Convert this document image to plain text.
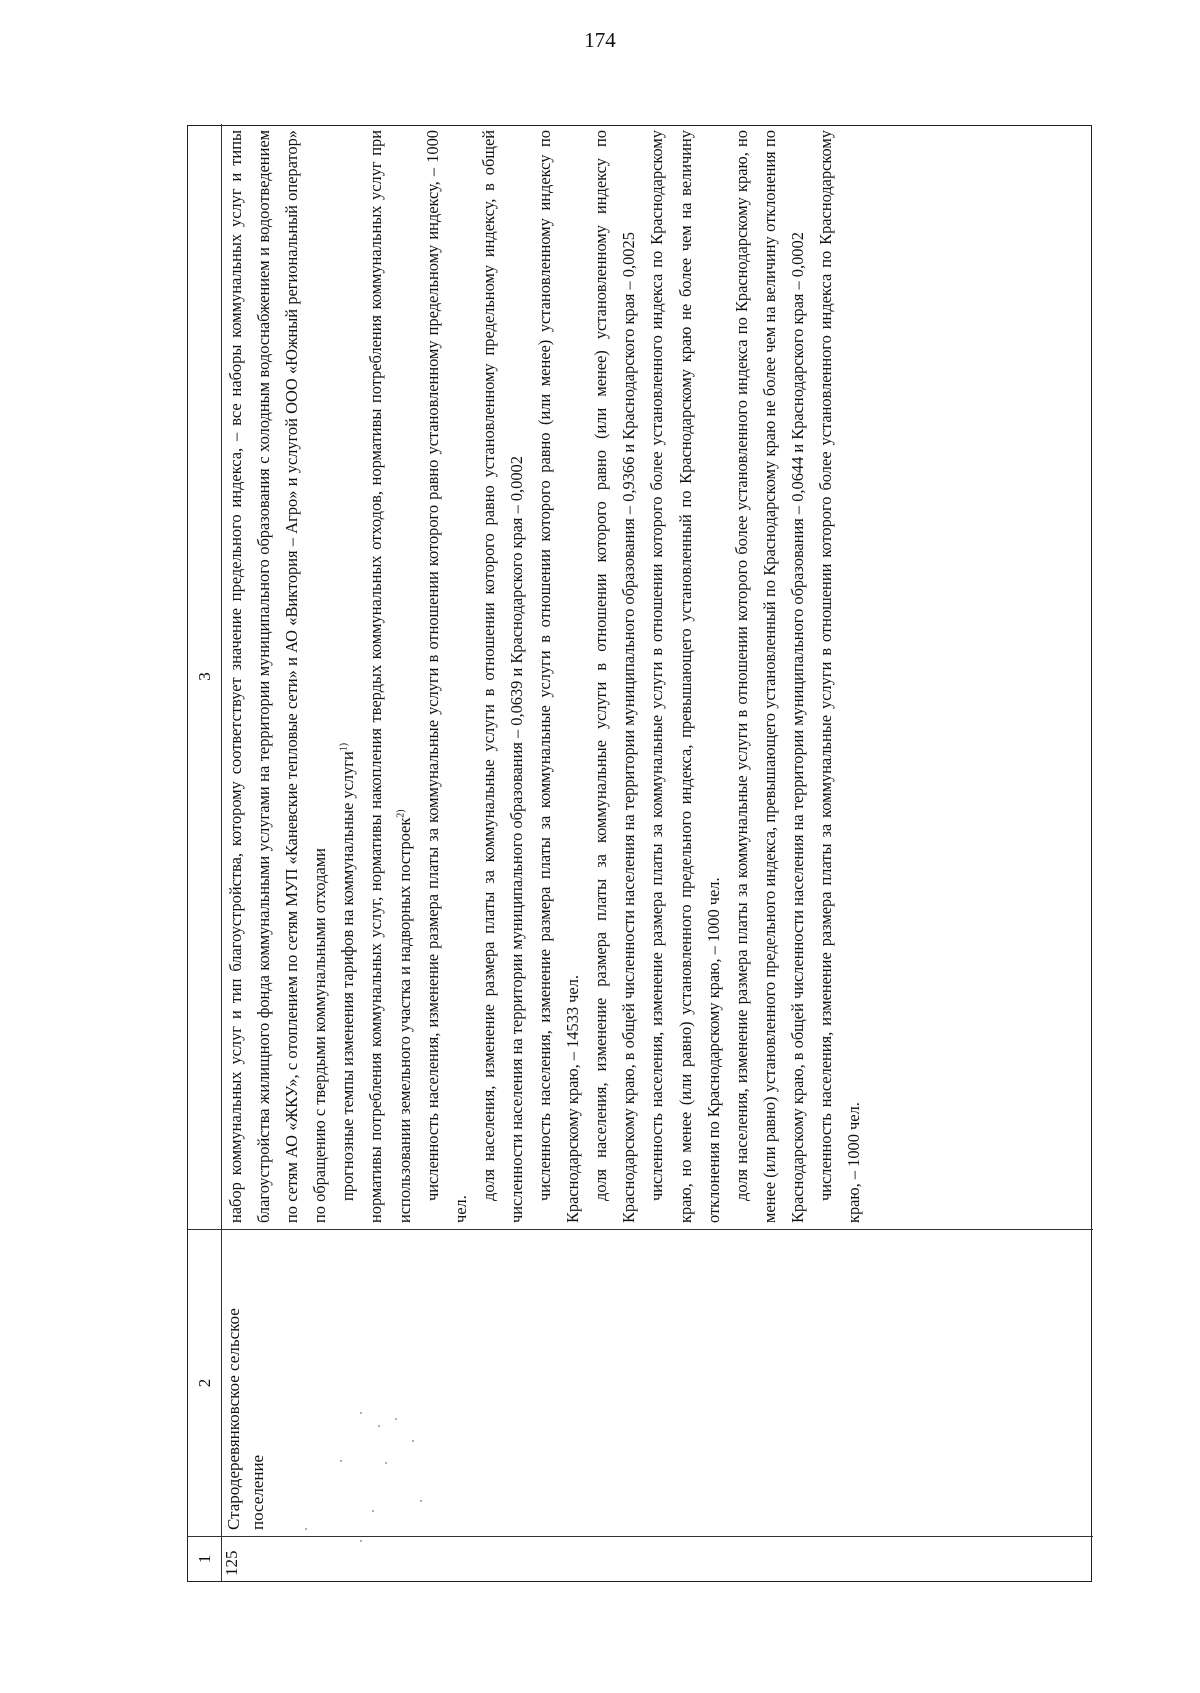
174
1
2
3
125
Стародеревянковское сельское поселение
набор коммунальных услуг и тип благоустройства, которому соответствует значение предельного индекса, – все наборы коммунальных услуг и типы благоустройства жилищного фонда коммунальными услугами на территории муниципального образования с холодным водоснабжением и водоотведением по сетям АО «ЖКУ», с отоплением по сетям МУП «Каневские тепловые сети» и АО «Виктория – Агро» и услугой ООО «Южный региональный оператор» по обращению с твердыми коммунальными отходами прогнозные темпы изменения тарифов на коммунальные услуги$^{1)}$	нормативы потребления коммунальных услуг, нормативы накопления твердых коммунальных отходов, нормативы потребления коммунальных услуг при использовании земельного участка и надворных построек$^{2)}$	численность населения, изменение размера платы за коммунальные услуги в отношении которого равно установленному предельному индексу, – 1000 чел.
доля населения, изменение размера платы за коммунальные услуги в отношении которого равно установленному предельному индексу, в общей численности населения на территории муниципального образования – 0,0639 и Краснодарского края – 0,0002 численность населения, изменение размера платы за коммунальные услуги в отношении которого равно (или менее) установленному индексу по Краснодарскому краю, – 14533 чел. доля населения, изменение размера платы за коммунальные услуги в отношении которого равно (или менее) установленному индексу по Краснодарскому краю, в общей численности населения на территории муниципального образования – 0,9366 и Краснодарского края – 0,0025 численность населения, изменение размера платы за коммунальные услуги в отношении которого более установленного индекса по Краснодарскому краю, но менее (или равно) установленного предельного индекса, превышающего установленный по Краснодарскому краю не более чем на величину отклонения по Краснодарскому краю, – 1000 чел. доля населения, изменение размера платы за коммунальные услуги в отношении которого более установленного индекса по Краснодарскому краю, но менее (или равно) установленного предельного индекса, превышающего установленный по Краснодарскому краю не более чем на величину отклонения по Краснодарскому краю, в общей численности населения на территории муниципального образования – 0,0644 и Краснодарского края – 0,0002 численность населения, изменение размера платы за коммунальные услуги в отношении которого более установленного индекса по Краснодарскому краю, – 1000 чел.
